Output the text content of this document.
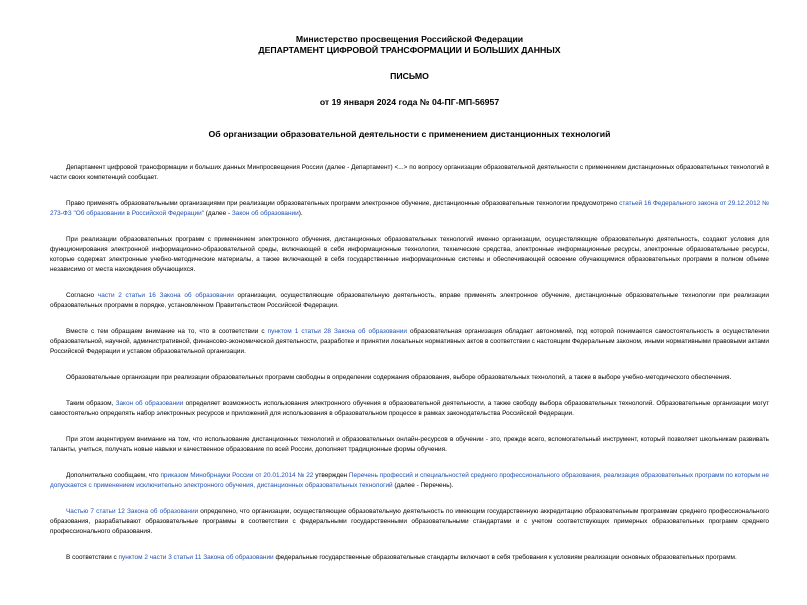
Министерство просвещения Российской Федерации
ДЕПАРТАМЕНТ ЦИФРОВОЙ ТРАНСФОРМАЦИИ И БОЛЬШИХ ДАННЫХ
ПИСЬМО
от 19 января 2024 года № 04-ПГ-МП-56957
Об организации образовательной деятельности с применением дистанционных технологий

Департамент цифровой трансформации и больших данных Минпросвещения России (далее - Департамент) <...> по вопросу организации образовательной деятельности с применением дистанционных образовательных технологий в части своих компетенций сообщает.

Право применять образовательными организациями при реализации образовательных программ электронное обучение, дистанционные образовательные технологии предусмотрено статьей 16 Федерального закона от 29.12.2012 № 273-ФЗ "Об образовании в Российской Федерации" (далее - Закон об образовании).

При реализации образовательных программ с применением электронного обучения, дистанционных образовательных технологий именно организации, осуществляющие образовательную деятельность, создают условия для функционирования электронной информационно-образовательной среды, включающей в себя информационные технологии, технические средства, электронные информационные ресурсы, электронные образовательные ресурсы, которые содержат электронные учебно-методические материалы, а также включающей в себя государственные информационные системы и обеспечивающей освоение обучающимися образовательных программ в полном объеме независимо от места нахождения обучающихся.

Согласно части 2 статьи 16 Закона об образовании организации, осуществляющие образовательную деятельность, вправе применять электронное обучение, дистанционные образовательные технологии при реализации образовательных программ в порядке, установленном Правительством Российской Федерации.

Вместе с тем обращаем внимание на то, что в соответствии с пунктом 1 статьи 28 Закона об образовании образовательная организация обладает автономией, под которой понимается самостоятельность в осуществлении образовательной, научной, административной, финансово-экономической деятельности, разработке и принятии локальных нормативных актов в соответствии с настоящим Федеральным законом, иными нормативными правовыми актами Российской Федерации и уставом образовательной организации.

Образовательные организации при реализации образовательных программ свободны в определении содержания образования, выборе образовательных технологий, а также в выборе учебно-методического обеспечения.

Таким образом, Закон об образовании определяет возможность использования электронного обучения в образовательной деятельности, а также свободу выбора образовательных технологий. Образовательные организации могут самостоятельно определять набор электронных ресурсов и приложений для использования в образовательном процессе в рамках законодательства Российской Федерации.

При этом акцентируем внимание на том, что использование дистанционных технологий и образовательных онлайн-ресурсов в обучении - это, прежде всего, вспомогательный инструмент, который позволяет школьникам развивать таланты, учиться, получать новые навыки и качественное образование по всей России, дополняет традиционные формы обучения.

Дополнительно сообщаем, что приказом Минобрнауки России от 20.01.2014 № 22 утвержден Перечень профессий и специальностей среднего профессионального образования, реализация образовательных программ по которым не допускается с применением исключительно электронного обучения, дистанционных образовательных технологий (далее - Перечень).

Частью 7 статьи 12 Закона об образовании определено, что организации, осуществляющие образовательную деятельность по имеющим государственную аккредитацию образовательным программам среднего профессионального образования, разрабатывают образовательные программы в соответствии с федеральными государственными образовательными стандартами и с учетом соответствующих примерных образовательных программ среднего профессионального образования.

В соответствии с пунктом 2 части 3 статьи 11 Закона об образовании федеральные государственные образовательные стандарты включают в себя требования к условиям реализации основных образовательных программ.
